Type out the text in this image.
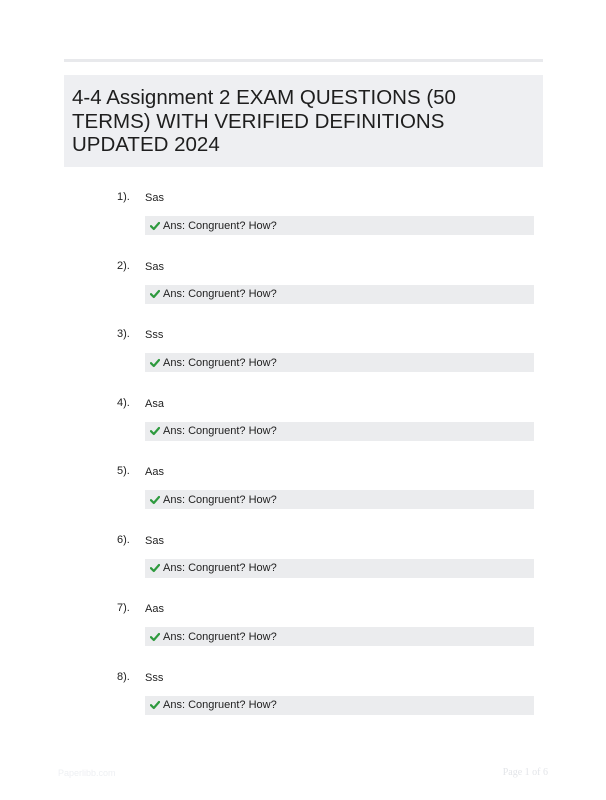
4-4 Assignment 2 EXAM QUESTIONS (50 TERMS) WITH VERIFIED DEFINITIONS UPDATED 2024
1). Sas
Ans: Congruent? How?
2). Sas
Ans: Congruent? How?
3). Sss
Ans: Congruent? How?
4). Asa
Ans: Congruent? How?
5). Aas
Ans: Congruent? How?
6). Sas
Ans: Congruent? How?
7). Aas
Ans: Congruent? How?
8). Sss
Ans: Congruent? How?
Paperlibb.com	Page 1 of 6
